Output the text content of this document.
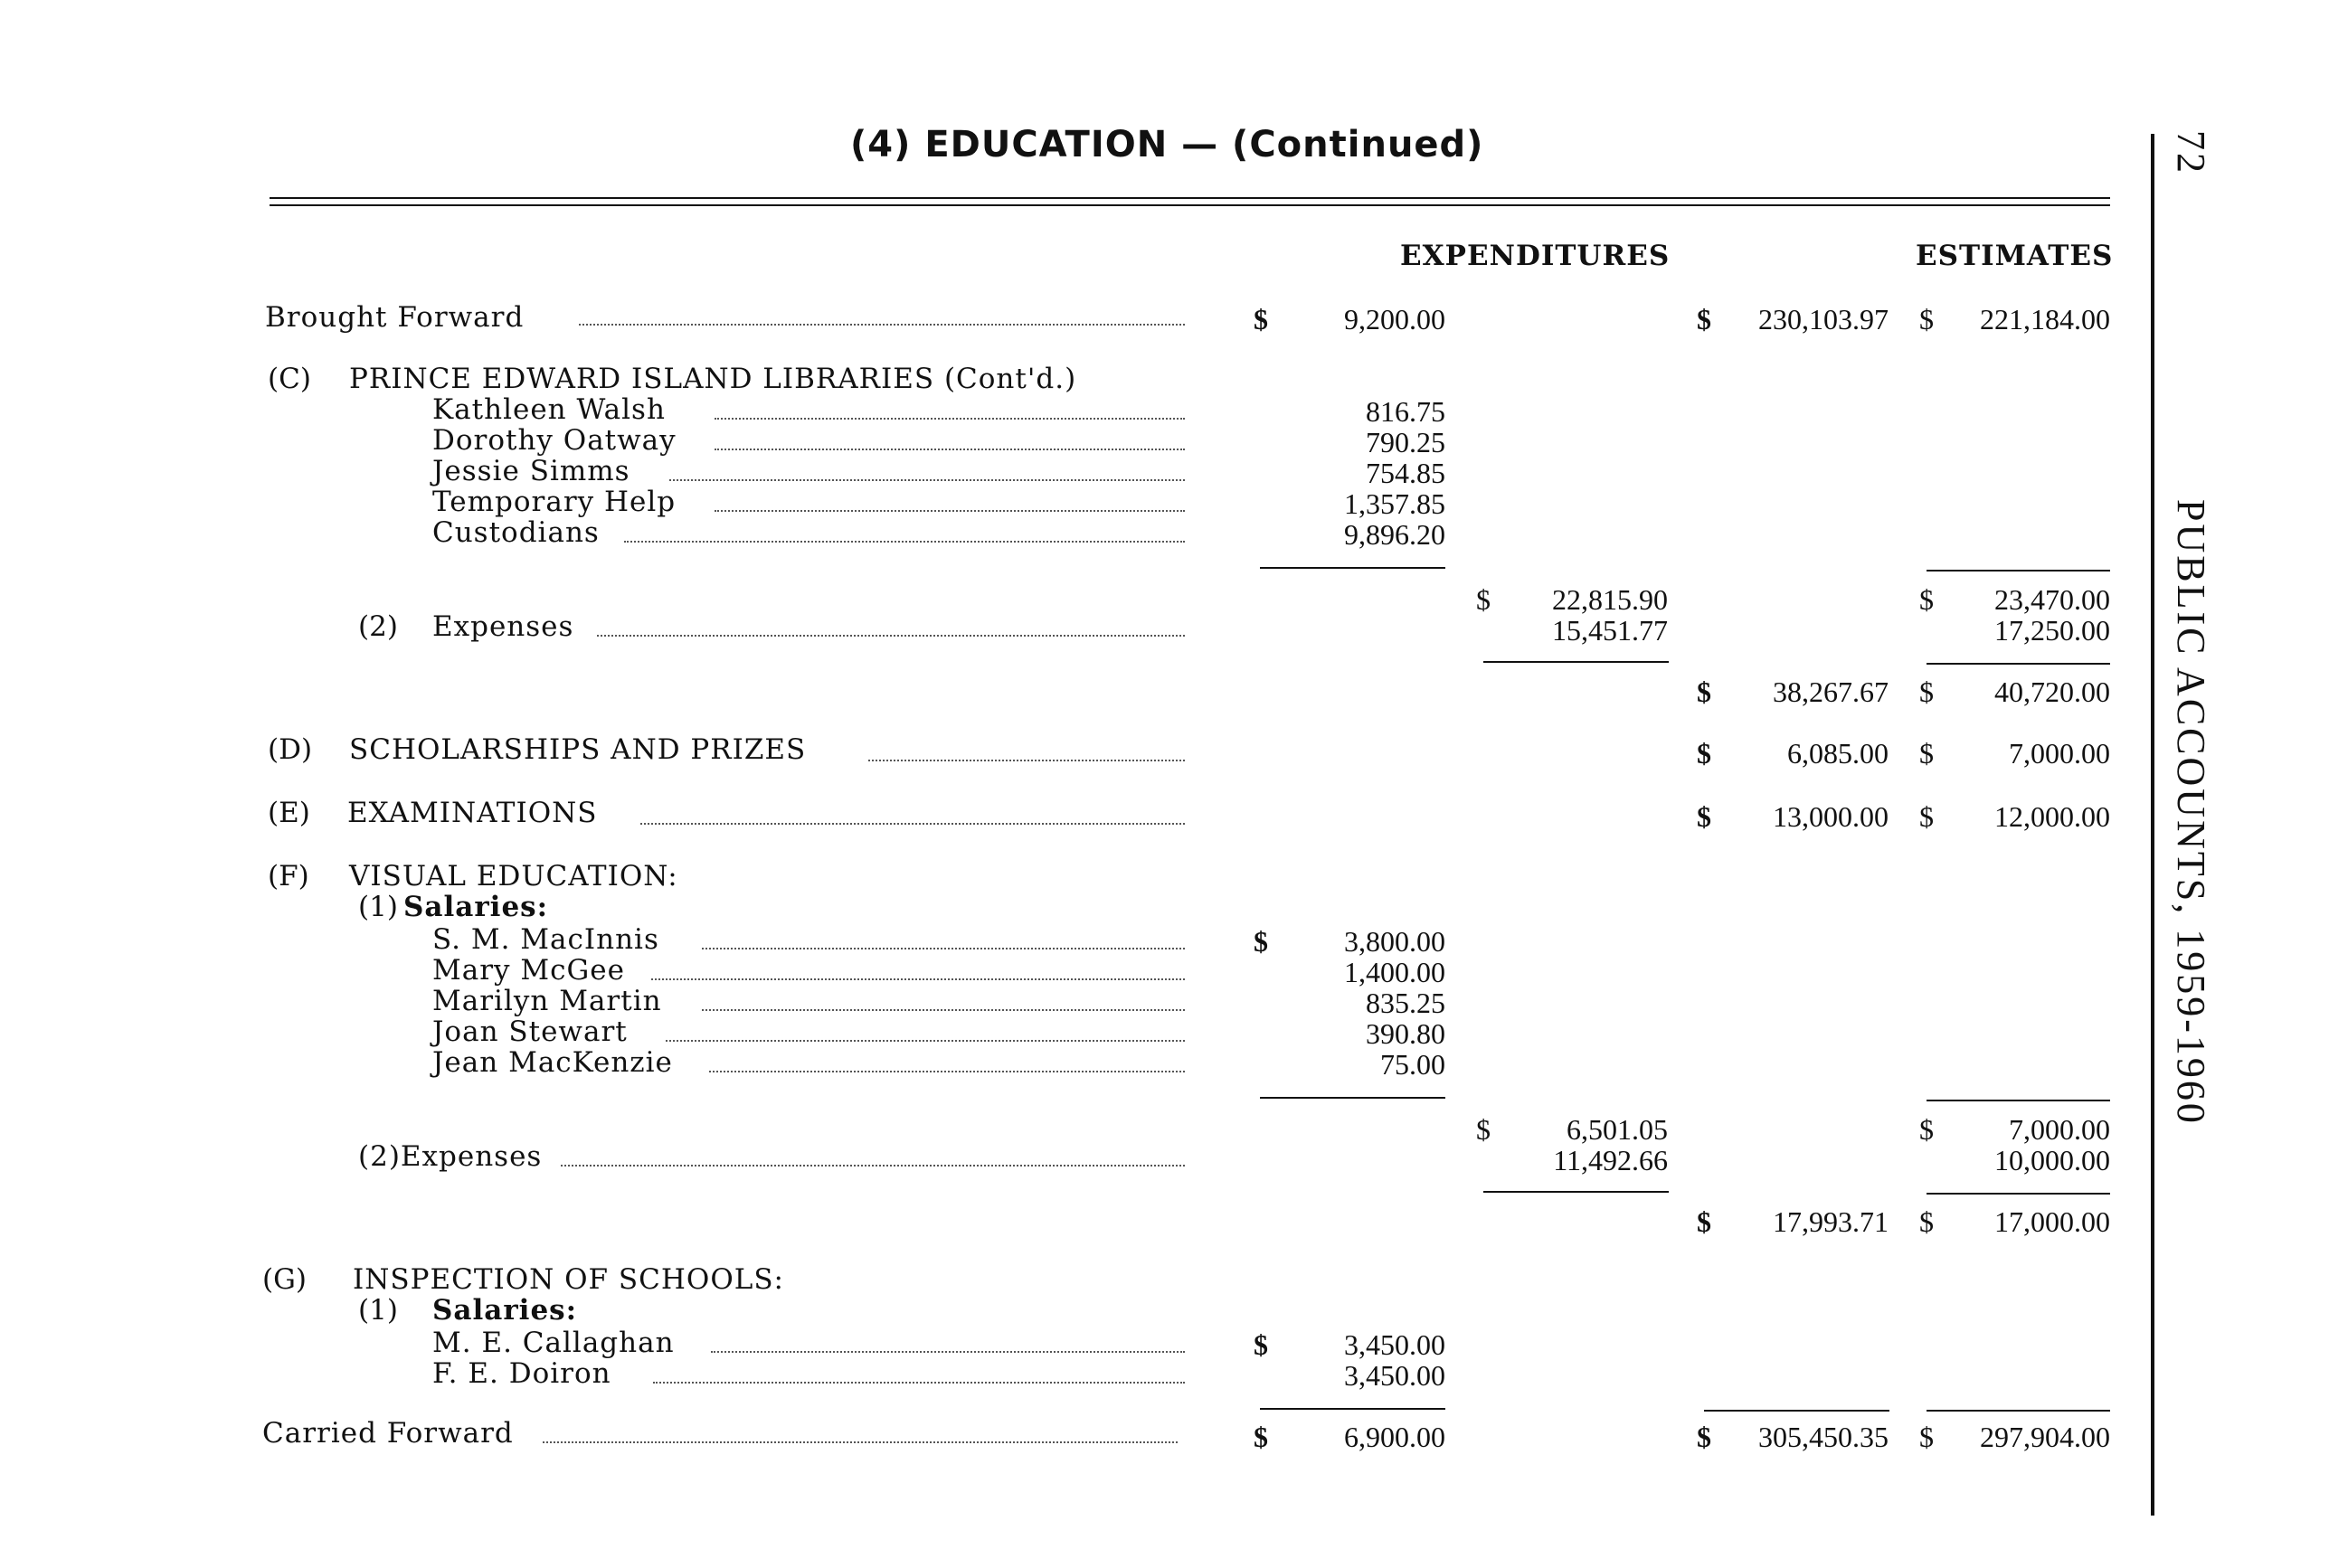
(4) EDUCATION — (Continued)	72
PUBLIC ACCOUNTS, 1959-1960
EXPENDITURES	ESTIMATES
Brought Forward	$	9,200.00	$	230,103.97 $	221,184.00
(C) PRINCE EDWARD ISLAND LIBRARIES (Cont'd.)
Kathleen Walsh	816.75
Dorothy Oatway	790.25
Jessie Simms	754.85
Temporary Help	1,357.85
Custodians	9,896.20
$	22,815.90	$	23,470.00
(2) Expenses	15,451.77	17,250.00
$	38,267.67 $	40,720.00
(D) SCHOLARSHIPS AND PRIZES	$	6,085.00 $	7,000.00
(E) EXAMINATIONS	$	13,000.00 $	12,000.00
(F) VISUAL EDUCATION:
(1) Salaries:
S. M. MacInnis	$	3,800.00
Mary McGee	1,400.00
Marilyn Martin	835.25
Joan Stewart	390.80
Jean MacKenzie	75.00
$	6,501.05	$	7,000.00
(2)Expenses	11,492.66	10,000.00
$	17,993.71 $	17,000.00
(G) INSPECTION OF SCHOOLS:
(1) Salaries:
M. E. Callaghan	$	3,450.00
F. E. Doiron	3,450.00
Carried Forward	$	6,900.00	$	305,450.35 $	297,904.00
